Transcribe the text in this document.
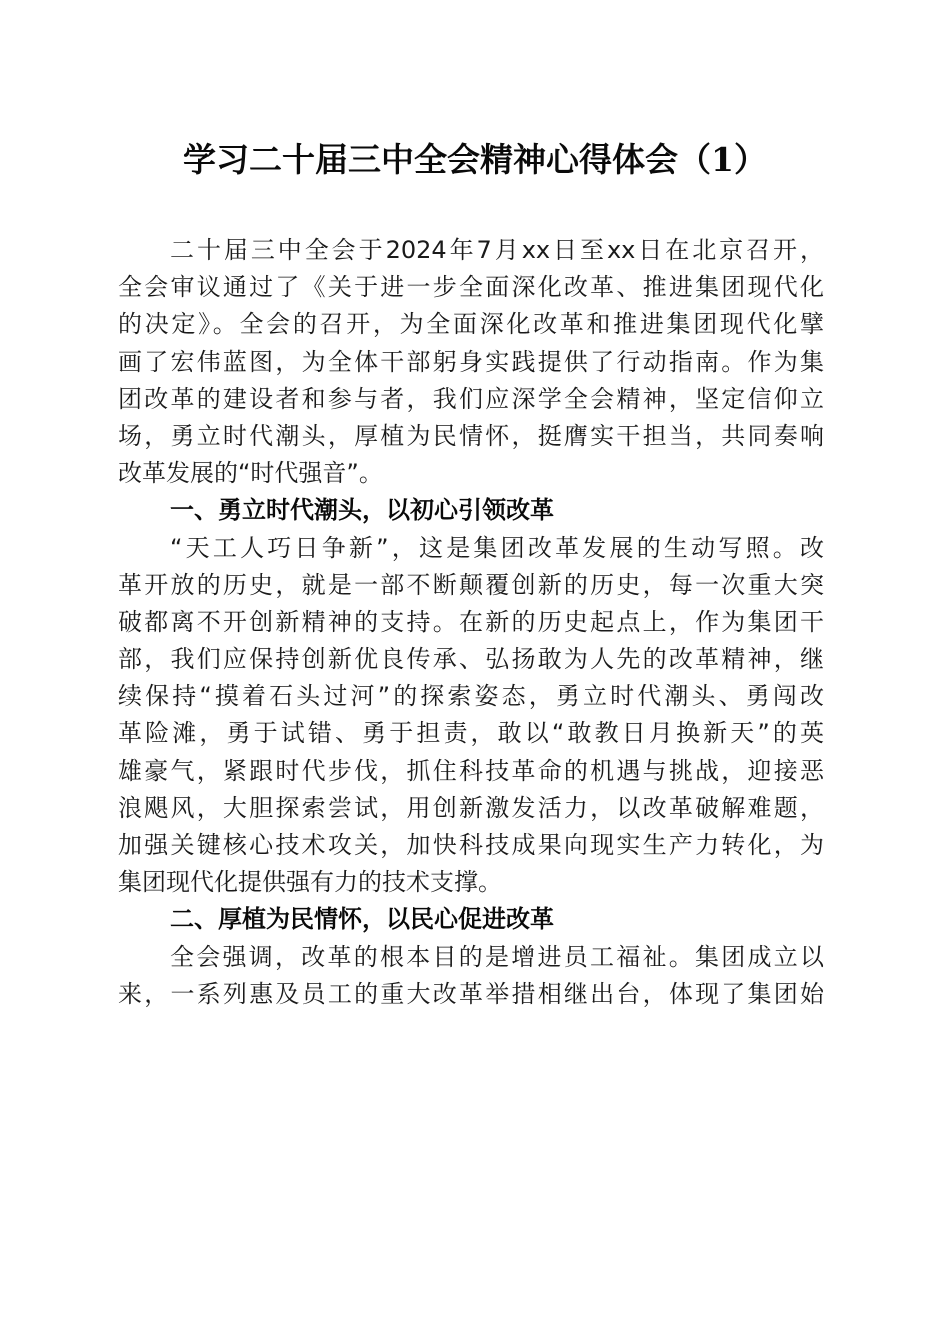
学习二十届三中全会精神心得体会（1）
二十届三中全会于2024年7月xx日至xx日在北京召开，
全会审议通过了《关于进一步全面深化改革、推进集团现代化
的决定》。全会的召开，为全面深化改革和推进集团现代化擘
画了宏伟蓝图，为全体干部躬身实践提供了行动指南。作为集
团改革的建设者和参与者，我们应深学全会精神，坚定信仰立
场，勇立时代潮头，厚植为民情怀，挺膺实干担当，共同奏响
改革发展的“时代强音”。
一、勇立时代潮头，以初心引领改革
“天工人巧日争新”，这是集团改革发展的生动写照。改
革开放的历史，就是一部不断颠覆创新的历史，每一次重大突
破都离不开创新精神的支持。在新的历史起点上，作为集团干
部，我们应保持创新优良传承、弘扬敢为人先的改革精神，继
续保持“摸着石头过河”的探索姿态，勇立时代潮头、勇闯改
革险滩，勇于试错、勇于担责，敢以“敢教日月换新天”的英
雄豪气，紧跟时代步伐，抓住科技革命的机遇与挑战，迎接恶
浪飓风，大胆探索尝试，用创新激发活力，以改革破解难题，
加强关键核心技术攻关，加快科技成果向现实生产力转化，为
集团现代化提供强有力的技术支撑。
二、厚植为民情怀，以民心促进改革
全会强调，改革的根本目的是增进员工福祉。集团成立以
来，一系列惠及员工的重大改革举措相继出台，体现了集团始
